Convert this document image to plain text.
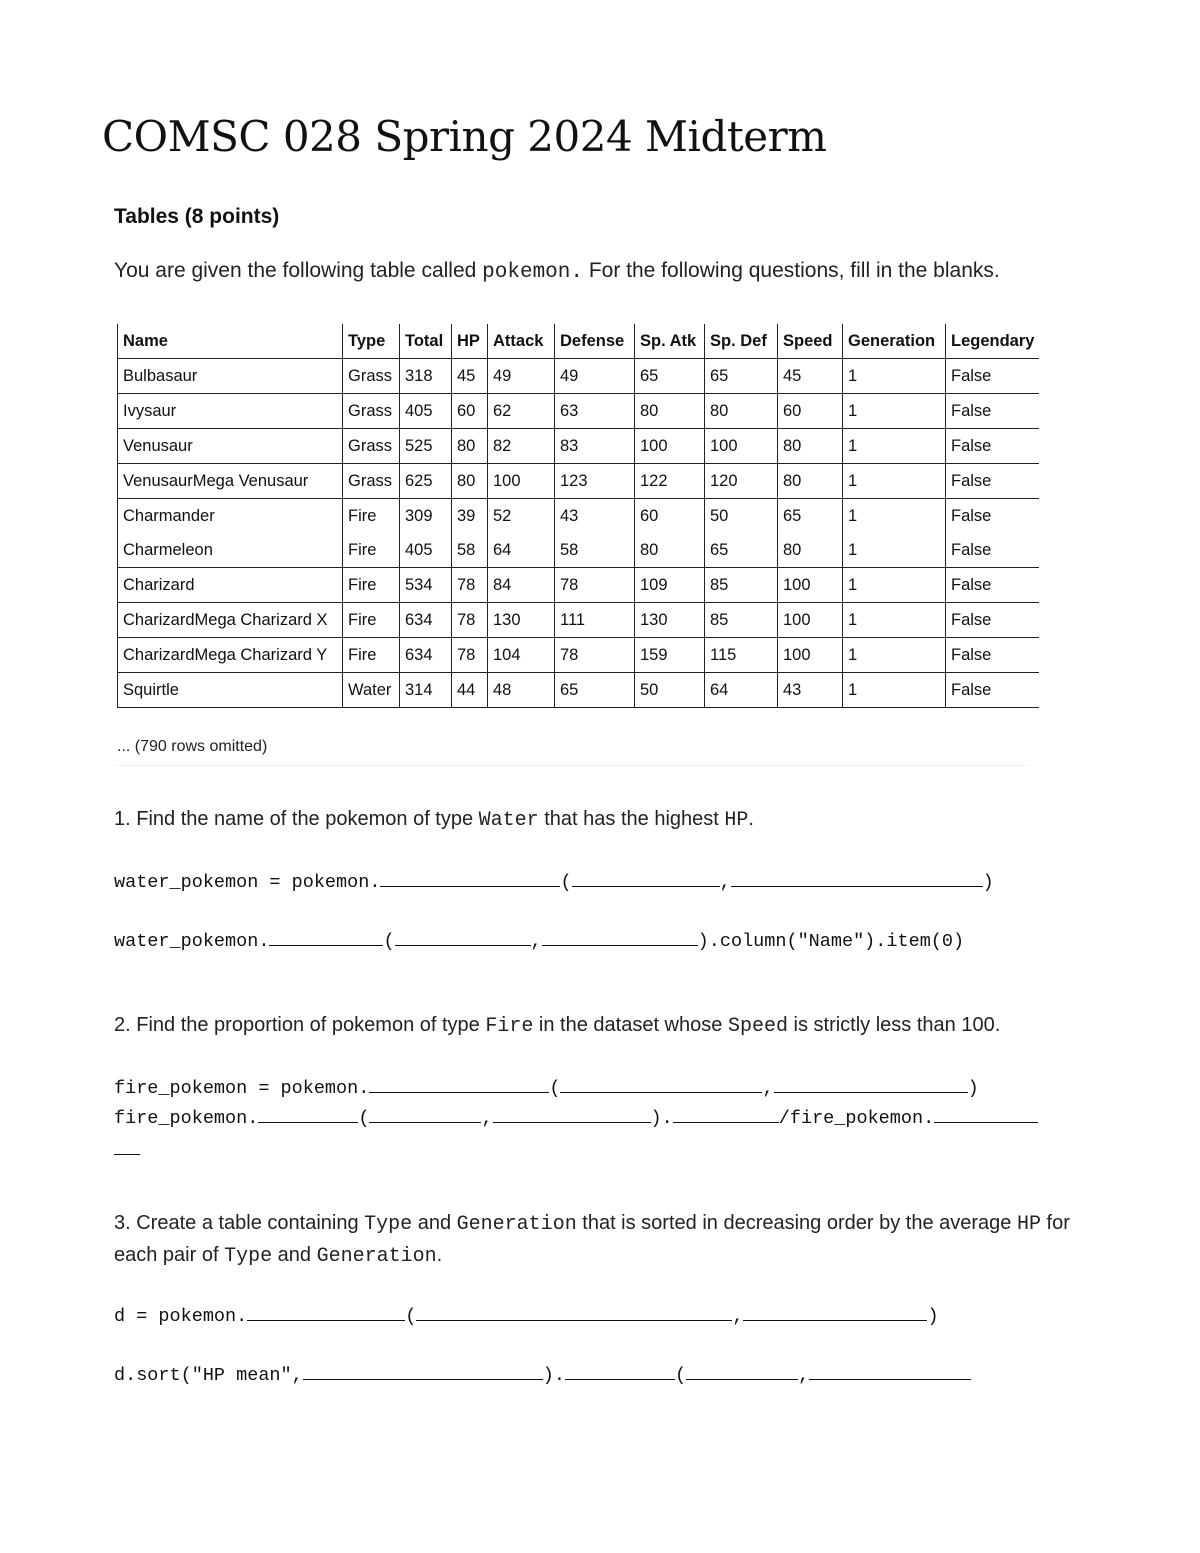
COMSC 028 Spring 2024 Midterm
Tables (8 points)
You are given the following table called pokemon. For the following questions, fill in the blanks.
Name	Type	Total	HP	Attack	Defense	Sp. Atk	Sp. Def	Speed	Generation	Legendary
Bulbasaur	Grass	318	45	49	49	65	65	45	1	False
Ivysaur	Grass	405	60	62	63	80	80	60	1	False
Venusaur	Grass	525	80	82	83	100	100	80	1	False
VenusaurMega Venusaur	Grass	625	80	100	123	122	120	80	1	False
Charmander	Fire	309	39	52	43	60	50	65	1	False
Charmeleon	Fire	405	58	64	58	80	65	80	1	False
Charizard	Fire	534	78	84	78	109	85	100	1	False
CharizardMega Charizard X	Fire	634	78	130	111	130	85	100	1	False
CharizardMega Charizard Y	Fire	634	78	104	78	159	115	100	1	False
Squirtle	Water	314	44	48	65	50	64	43	1	False
... (790 rows omitted)
1. Find the name of the pokemon of type Water that has the highest HP.
water_pokemon = pokemon.	(	,	)
water_pokemon.	(	,	).column("Name").item(0)
2. Find the proportion of pokemon of type Fire in the dataset whose Speed is strictly less than 100.
fire_pokemon = pokemon.	(	,	)
fire_pokemon.	(	,	).	/fire_pokemon.
3. Create a table containing Type and Generation that is sorted in decreasing order by the average HP for each pair of Type and Generation.
d = pokemon.	(	,	)
d.sort("HP mean",	).	(	,
